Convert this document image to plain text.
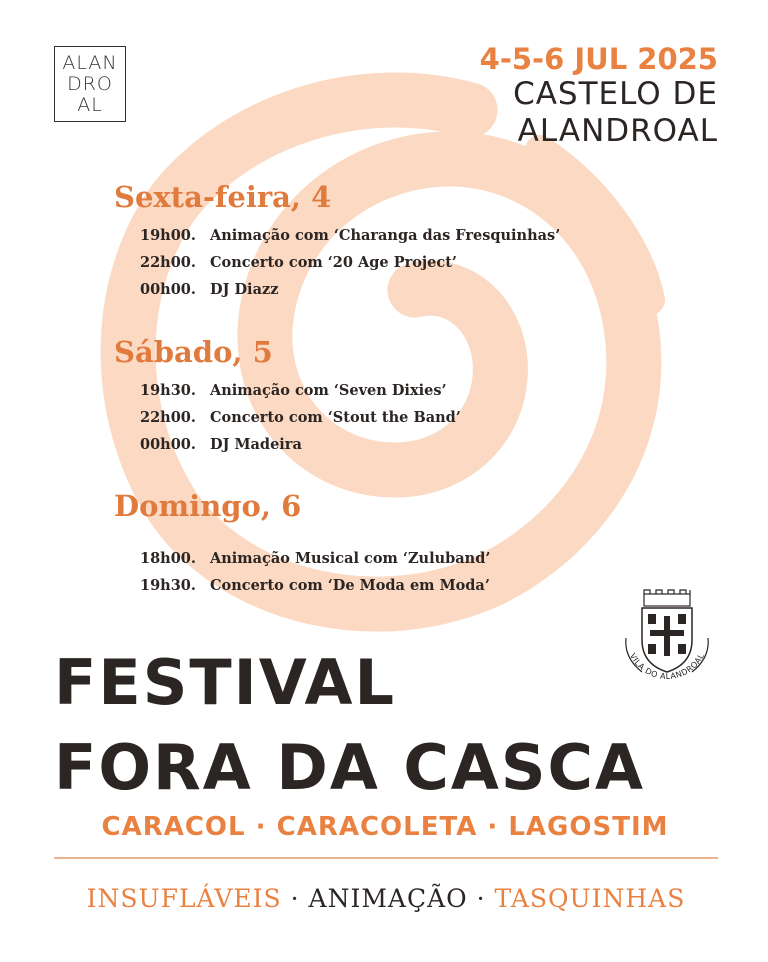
ALAN
DRO
AL
4-5-6 JUL 2025
CASTELO DE
ALANDROAL
Sexta-feira, 4
19h00. Animação com ‘Charanga das Fresquinhas’
22h00. Concerto com ‘20 Age Project’
00h00. DJ Diazz
Sábado, 5
19h30. Animação com ‘Seven Dixies’
22h00. Concerto com ‘Stout the Band’
00h00. DJ Madeira
Domingo, 6
18h00. Animação Musical com ‘Zuluband’
19h30. Concerto com ‘De Moda em Moda’
VILA DO ALANDROAL
FESTIVAL
FORA DA CASCA
CARACOL · CARACOLETA · LAGOSTIM
INSUFLÁVEIS · ANIMAÇÃO · TASQUINHAS
